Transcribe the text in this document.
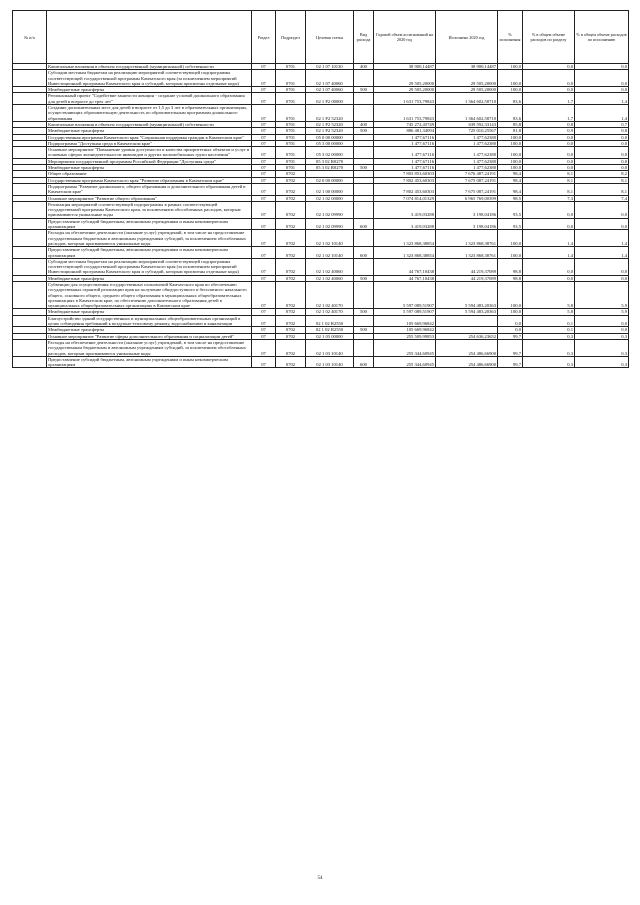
№ п/п		Раздел	Подраздел	Целевая статья	Вид расхода	Годовой объем ассигнований на 2020 год	Исполнено 2020 год	% исполнения	% в общем объеме расходов по разделу	% в общем объеме расходов по исполнению
	Капитальные вложения в объекты государственной (муниципальной) собственности	07	0701	02 1 07 10130	400	38 900,14487	38 900,14487	100,0	0,0	0,0
	Субсидии местным бюджетам на реализацию мероприятий соответствующей подпрограммы соответствующей государственной программы Камчатского края (за исключением мероприятий Инвестиционной программы Камчатского края и субсидий, которым присвоены отдельные коды)	07	0701	02 1 07 40060		29 505,20000	29 505,20000	100,0	0,0	0,0
	Межбюджетные трансферты	07	0701	02 1 07 40060	500	29 505,20000	29 505,20000	100,0	0,0	0,0
	Региональный проект "Содействие занятости женщин - создание условий дошкольного образования для детей в возрасте до трех лет"	07	0701	02 1 P2 00000		1 631 753,79843	1 364 602,58710	83,6	1,7	1,4
	Создание дополнительных мест для детей в возрасте от 1,5 до 3 лет в образовательных организациях, осуществляющих образовательную деятельность по образовательным программам дошкольного образования	07	0701	02 1 P2 52320		1 631 753,79843	1 364 602,58710	83,6	1,7	1,4
	Капитальные вложения в объекты государственной (муниципальной) собственности	07	0701	02 1 P2 52320	400	745 272,45749	639 592,33143	85,8	0,8	0,7
	Межбюджетные трансферты	07	0701	02 1 P2 52320	500	886 481,34094	725 010,25567	81,8	0,9	0,8
	Государственная программа Камчатского края "Социальная поддержка граждан в Камчатском крае"	07	0701	05 0 00 00000		1 477,67116	1 477,62380	100,0	0,0	0,0
	Подпрограмма "Доступная среда в Камчатском крае"	07	0701	05 3 00 00000		1 477,67116	1 477,62380	100,0	0,0	0,0
	Основное мероприятие "Повышение уровня доступности и качества приоритетных объектов и услуг в основных сферах жизнедеятельности инвалидов и других маломобильных групп населения"	07	0701	05 3 02 00000		1 477,67116	1 477,62380	100,0	0,0	0,0
	Мероприятия государственной программы Российской Федерации "Доступная среда"	07	0701	05 3 02 R0270		1 477,67116	1 477,62380	100,0	0,0	0,0
	Межбюджетные трансферты	07	0701	05 3 02 R0270	500	1 477,67116	1 477,62380	100,0	0,0	0,0
	Общее образование	07	0702			7 803 853,60303	7 676 487,24191	98,4	8,1	8,2
	Государственная программа Камчатского края "Развитие образования в Камчатском крае"	07	0702	02 0 00 00000		7 802 453,60303	7 675 087,24191	98,4	8,1	8,1
	Подпрограмма "Развитие дошкольного, общего образования и дополнительного образования детей в Камчатском крае"	07	0702	02 1 00 00000		7 802 453,60303	7 675 087,24191	98,4	8,1	8,1
	Основное мероприятие "Развитие общего образования"	07	0702	02 1 02 00000		7 074 814,01329	6 965 769,00399	98,5	7,3	7,4
	Реализация мероприятий соответствующей подпрограммы в рамках соответствующей государственной программы Камчатского края, за исключением обособленных расходов, которым присваиваются уникальные коды	07	0702	02 1 02 09990		3 419,03288	3 198,04186	93,5	0,0	0,0
	Предоставление субсидий бюджетным, автономным учреждениям и иным некоммерческим организациям	07	0702	02 1 02 09990	600	3 419,03288	3 198,04186	93,5	0,0	0,0
	Расходы на обеспечение деятельности (оказание услуг) учреждений, в том числе на предоставление государственным бюджетным и автономным учреждениям субсидий, за исключением обособленных расходов, которым присваиваются уникальные коды	07	0702	02 1 02 10140		1 323 868,38854	1 323 868,38761	100,0	1,4	1,4
	Предоставление субсидий бюджетным, автономным учреждениям и иным некоммерческим организациям	07	0702	02 1 02 10140	600	1 323 868,38854	1 323 868,38761	100,0	1,4	1,4
	Субсидии местным бюджетам на реализацию мероприятий соответствующей подпрограммы соответствующей государственной программы Камчатского края (за исключением мероприятий Инвестиционной программы Камчатского края и субсидий, которым присвоены отдельные коды)	07	0702	02 1 02 40060		44 767,10438	44 219,37089	98,8	0,0	0,0
	Межбюджетные трансферты	07	0702	02 1 02 40060	500	44 767,10438	44 219,37089	98,8	0,0	0,0
	Субвенции для осуществления государственных полномочий Камчатского края по обеспечению государственных гарантий реализации прав на получение общедоступного и бесплатного начального общего, основного общего, среднего общего образования в муниципальных общеобразовательных организациях в Камчатском крае, по обеспечению дополнительного образования детей в муниципальных общеобразовательных организациях в Камчатском крае	07	0702	02 1 02 40170		5 597 089,51907	5 594 483,20363	100,0	5,8	5,9
	Межбюджетные трансферты	07	0702	02 1 02 40170	500	5 597 089,51907	5 594 483,20363	100,0	5,8	5,9
	Благоустройство зданий государственных и муниципальных общеобразовательных организаций в целях соблюдения требований к воздушно-тепловому режиму, водоснабжению и канализации	07	0702	02 1 02 R2550		105 669,96842		0,0	0,1	0,0
	Межбюджетные трансферты	07	0702	02 1 02 R2550	500	105 669,96842		0,0	0,1	0,0
	Основное мероприятие "Развитие сферы дополнительного образования и социализации детей"	07	0702	02 1 03 00000		255 509,99853	254 636,23652	99,7	0,3	0,3
	Расходы на обеспечение деятельности (оказание услуг) учреждений, в том числе на предоставление государственным бюджетным и автономным учреждениям субсидий, за исключением обособленных расходов, которым присваиваются уникальные коды	07	0702	02 1 03 10140		255 344,60945	254 486,66900	99,7	0,3	0,3
	Предоставление субсидий бюджетным, автономным учреждениям и иным некоммерческим организациям	07	0702	02 1 03 10140	600	255 344,60945	254 486,66900	99,7	0,3	0,3
54
